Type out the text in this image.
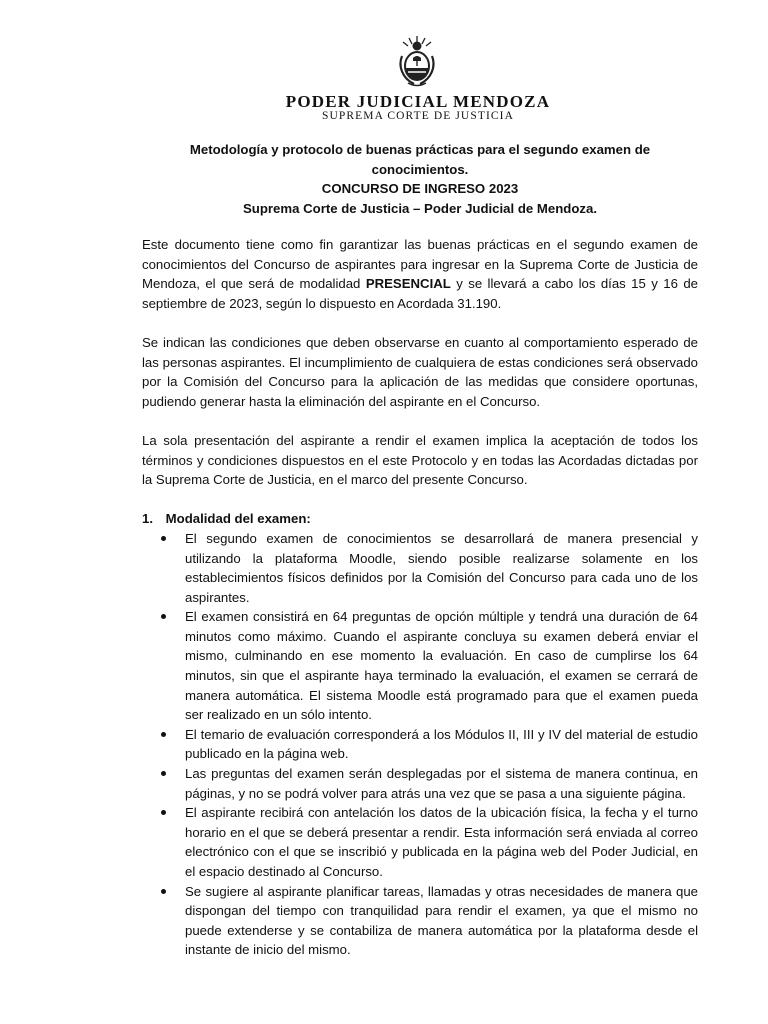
PODER JUDICIAL MENDOZA
SUPREMA CORTE DE JUSTICIA
Metodología y protocolo de buenas prácticas para el segundo examen de
conocimientos.
CONCURSO DE INGRESO 2023
Suprema Corte de Justicia – Poder Judicial de Mendoza.

Este documento tiene como fin garantizar las buenas prácticas en el segundo examen de conocimientos del Concurso de aspirantes para ingresar en la Suprema Corte de Justicia de Mendoza, el que será de modalidad PRESENCIAL y se llevará a cabo los días 15 y 16 de septiembre de 2023, según lo dispuesto en Acordada 31.190.

Se indican las condiciones que deben observarse en cuanto al comportamiento esperado de las personas aspirantes. El incumplimiento de cualquiera de estas condiciones será observado por la Comisión del Concurso para la aplicación de las medidas que considere oportunas, pudiendo generar hasta la eliminación del aspirante en el Concurso.

La sola presentación del aspirante a rendir el examen implica la aceptación de todos los términos y condiciones dispuestos en el este Protocolo y en todas las Acordadas dictadas por la Suprema Corte de Justicia, en el marco del presente Concurso.

1. Modalidad del examen:
El segundo examen de conocimientos se desarrollará de manera presencial y utilizando la plataforma Moodle, siendo posible realizarse solamente en los establecimientos físicos definidos por la Comisión del Concurso para cada uno de los aspirantes.
El examen consistirá en 64 preguntas de opción múltiple y tendrá una duración de 64 minutos como máximo. Cuando el aspirante concluya su examen deberá enviar el mismo, culminando en ese momento la evaluación. En caso de cumplirse los 64 minutos, sin que el aspirante haya terminado la evaluación, el examen se cerrará de manera automática. El sistema Moodle está programado para que el examen pueda ser realizado en un sólo intento.
El temario de evaluación corresponderá a los Módulos II, III y IV del material de estudio publicado en la página web.
Las preguntas del examen serán desplegadas por el sistema de manera continua, en páginas, y no se podrá volver para atrás una vez que se pasa a una siguiente página.
El aspirante recibirá con antelación los datos de la ubicación física, la fecha y el turno horario en el que se deberá presentar a rendir. Esta información será enviada al correo electrónico con el que se inscribió y publicada en la página web del Poder Judicial, en el espacio destinado al Concurso.
Se sugiere al aspirante planificar tareas, llamadas y otras necesidades de manera que dispongan del tiempo con tranquilidad para rendir el examen, ya que el mismo no puede extenderse y se contabiliza de manera automática por la plataforma desde el instante de inicio del mismo.
